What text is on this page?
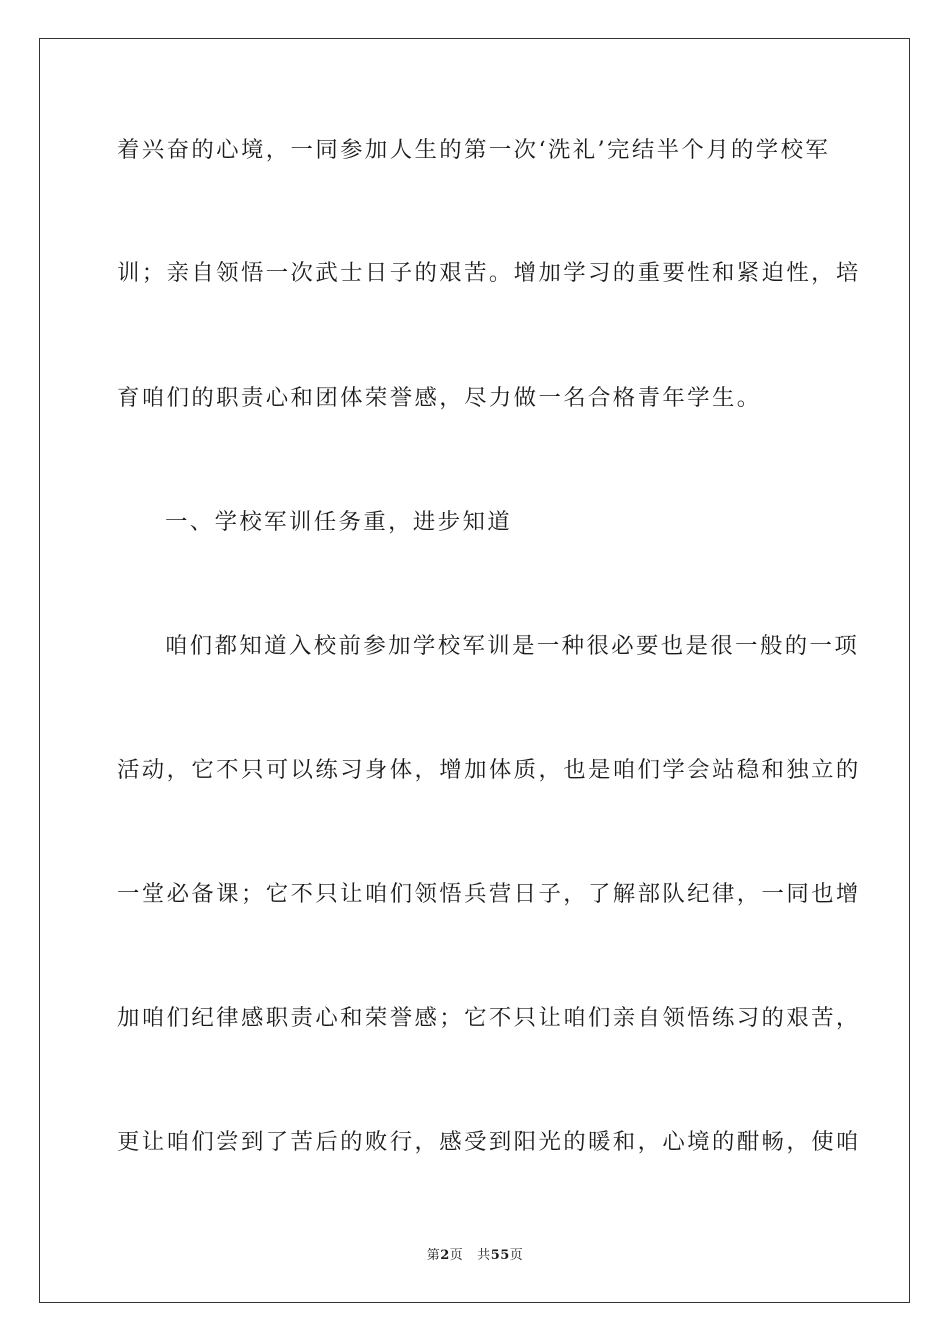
着兴奋的心境，一同参加人生的第一次‘洗礼’完结半个月的学校军

训；亲自领悟一次武士日子的艰苦。增加学习的重要性和紧迫性，培

育咱们的职责心和团体荣誉感，尽力做一名合格青年学生。

一、学校军训任务重，进步知道

咱们都知道入校前参加学校军训是一种很必要也是很一般的一项

活动，它不只可以练习身体，增加体质，也是咱们学会站稳和独立的

一堂必备课；它不只让咱们领悟兵营日子，了解部队纪律，一同也增

加咱们纪律感职责心和荣誉感；它不只让咱们亲自领悟练习的艰苦，

更让咱们尝到了苦后的败行，感受到阳光的暖和，心境的酣畅，使咱

第2页 共55页
